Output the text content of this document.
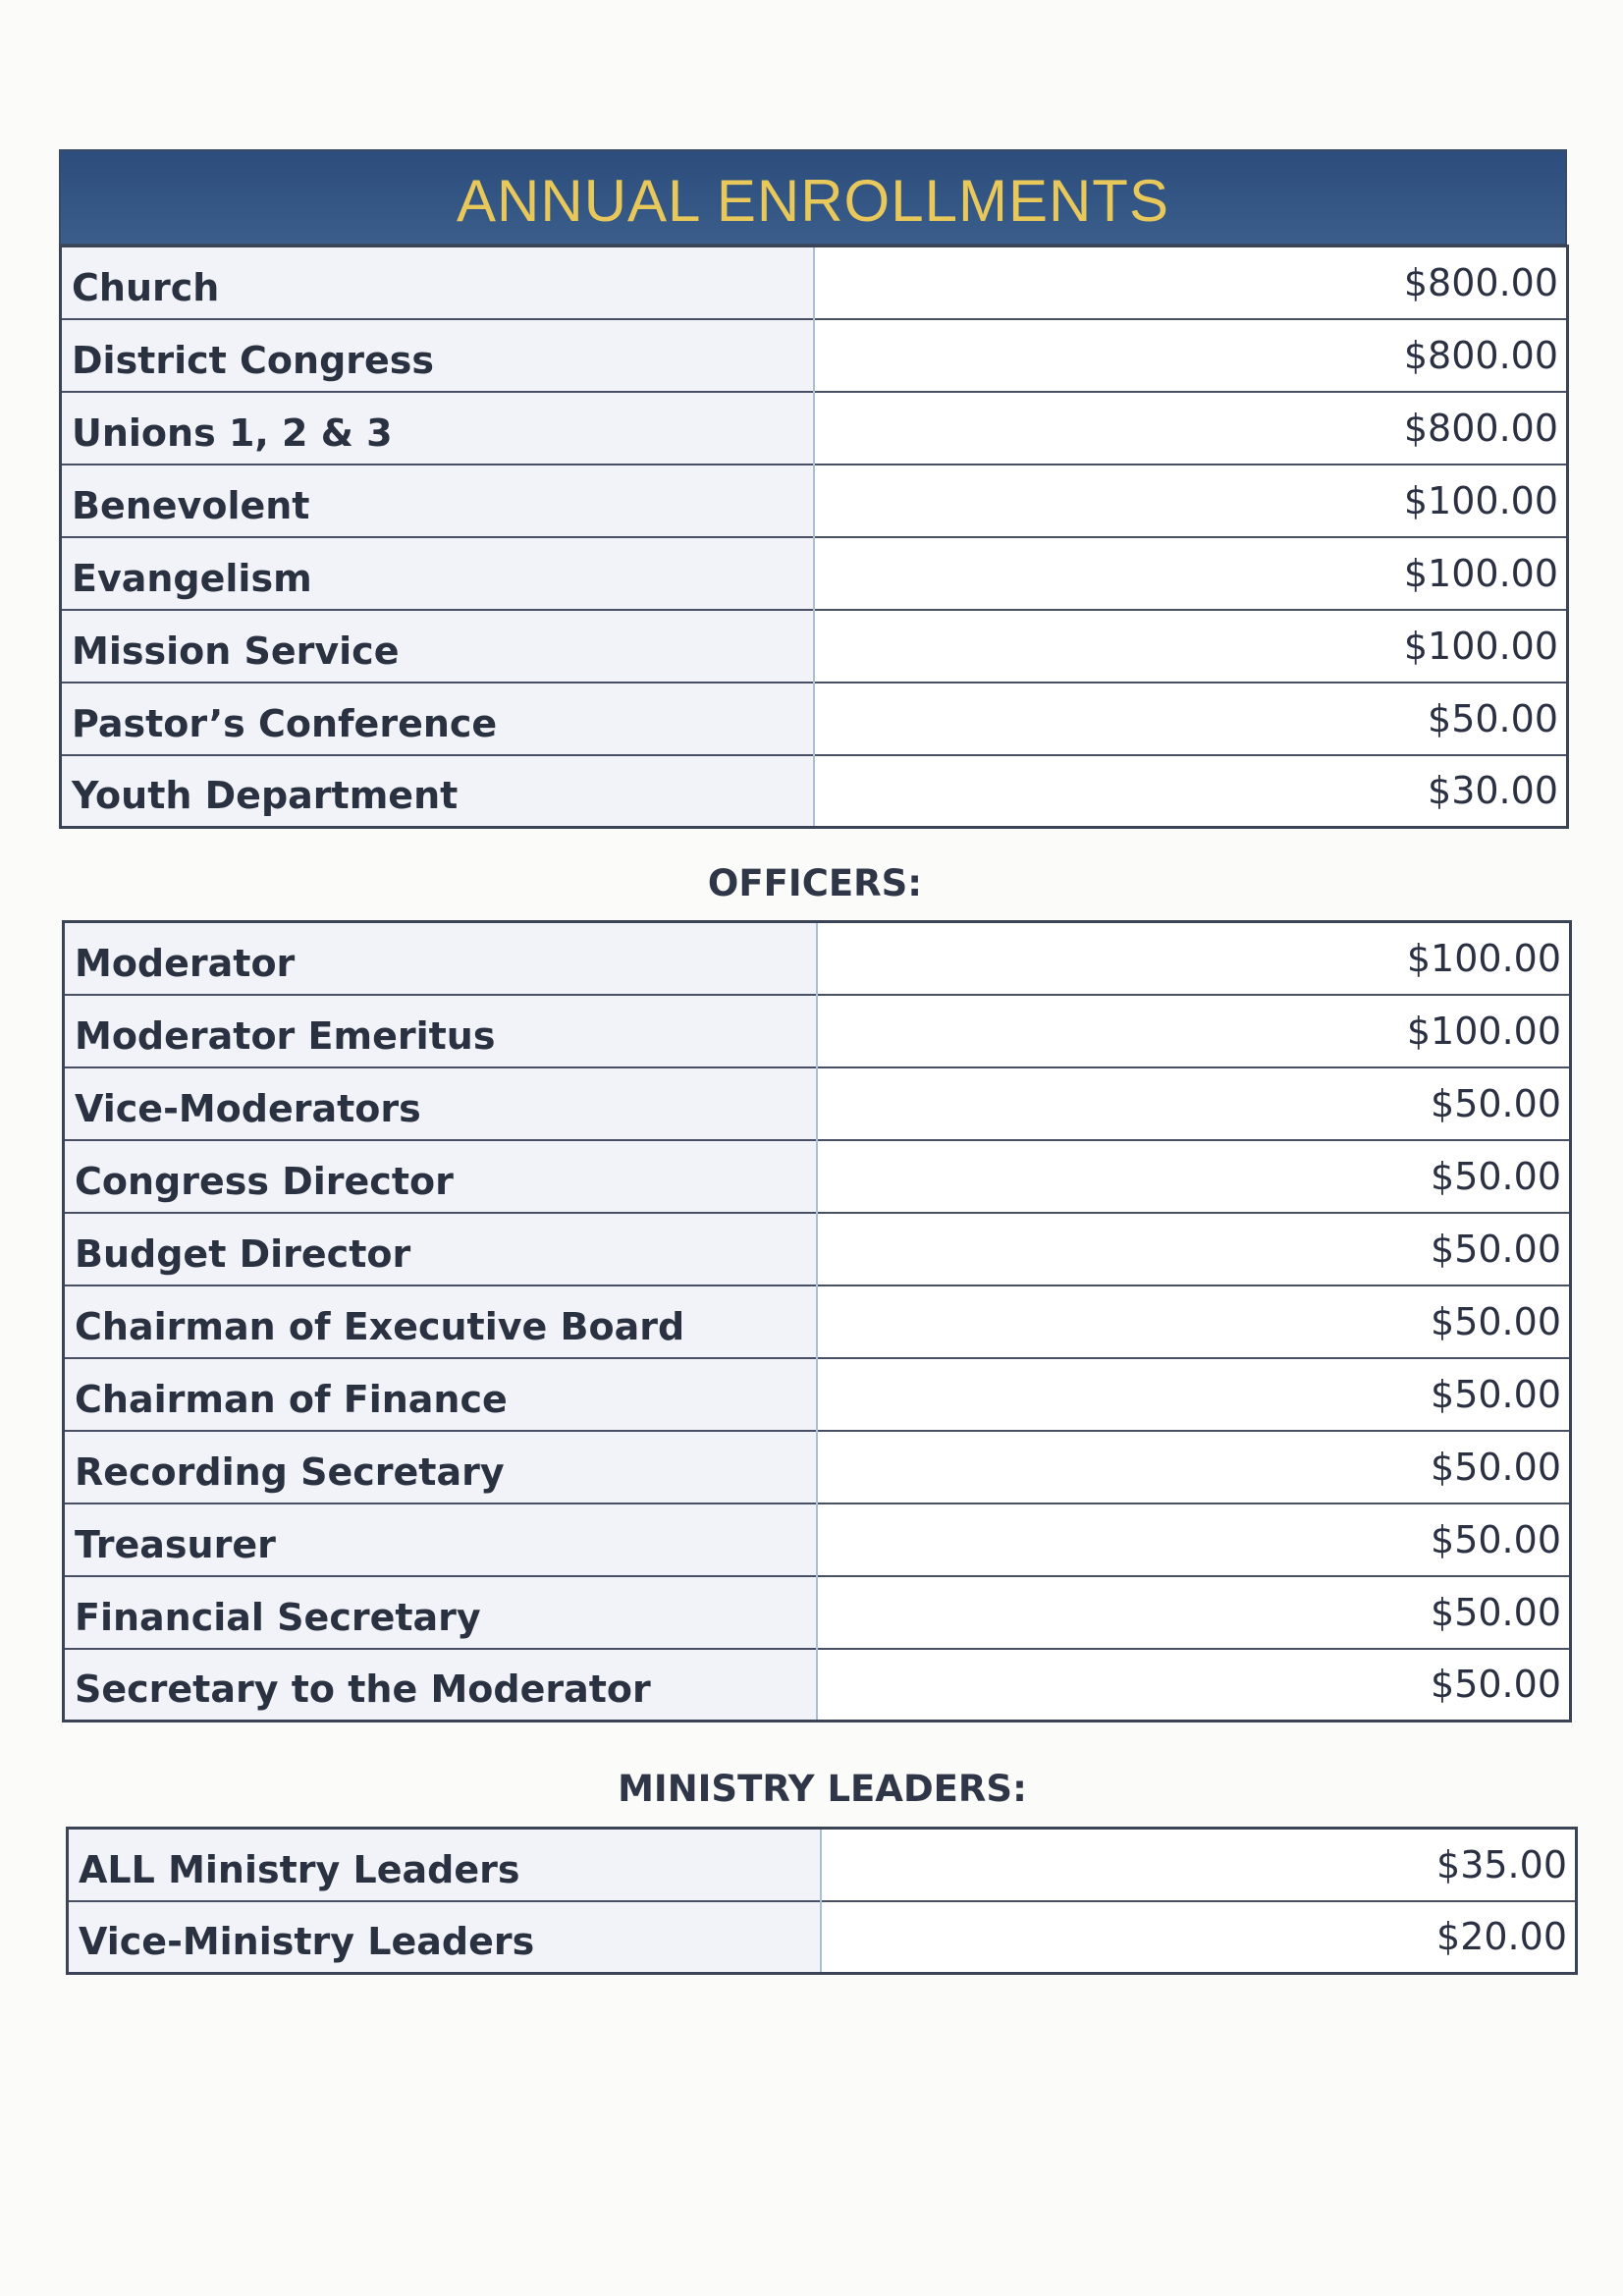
ANNUAL ENROLLMENTS
Church	$800.00
District Congress	$800.00
Unions 1, 2 & 3	$800.00
Benevolent	$100.00
Evangelism	$100.00
Mission Service	$100.00
Pastor’s Conference	$50.00
Youth Department	$30.00
OFFICERS:
Moderator	$100.00
Moderator Emeritus	$100.00
Vice-Moderators	$50.00
Congress Director	$50.00
Budget Director	$50.00
Chairman of Executive Board	$50.00
Chairman of Finance	$50.00
Recording Secretary	$50.00
Treasurer	$50.00
Financial Secretary	$50.00
Secretary to the Moderator	$50.00
MINISTRY LEADERS:
ALL Ministry Leaders	$35.00
Vice-Ministry Leaders	$20.00
